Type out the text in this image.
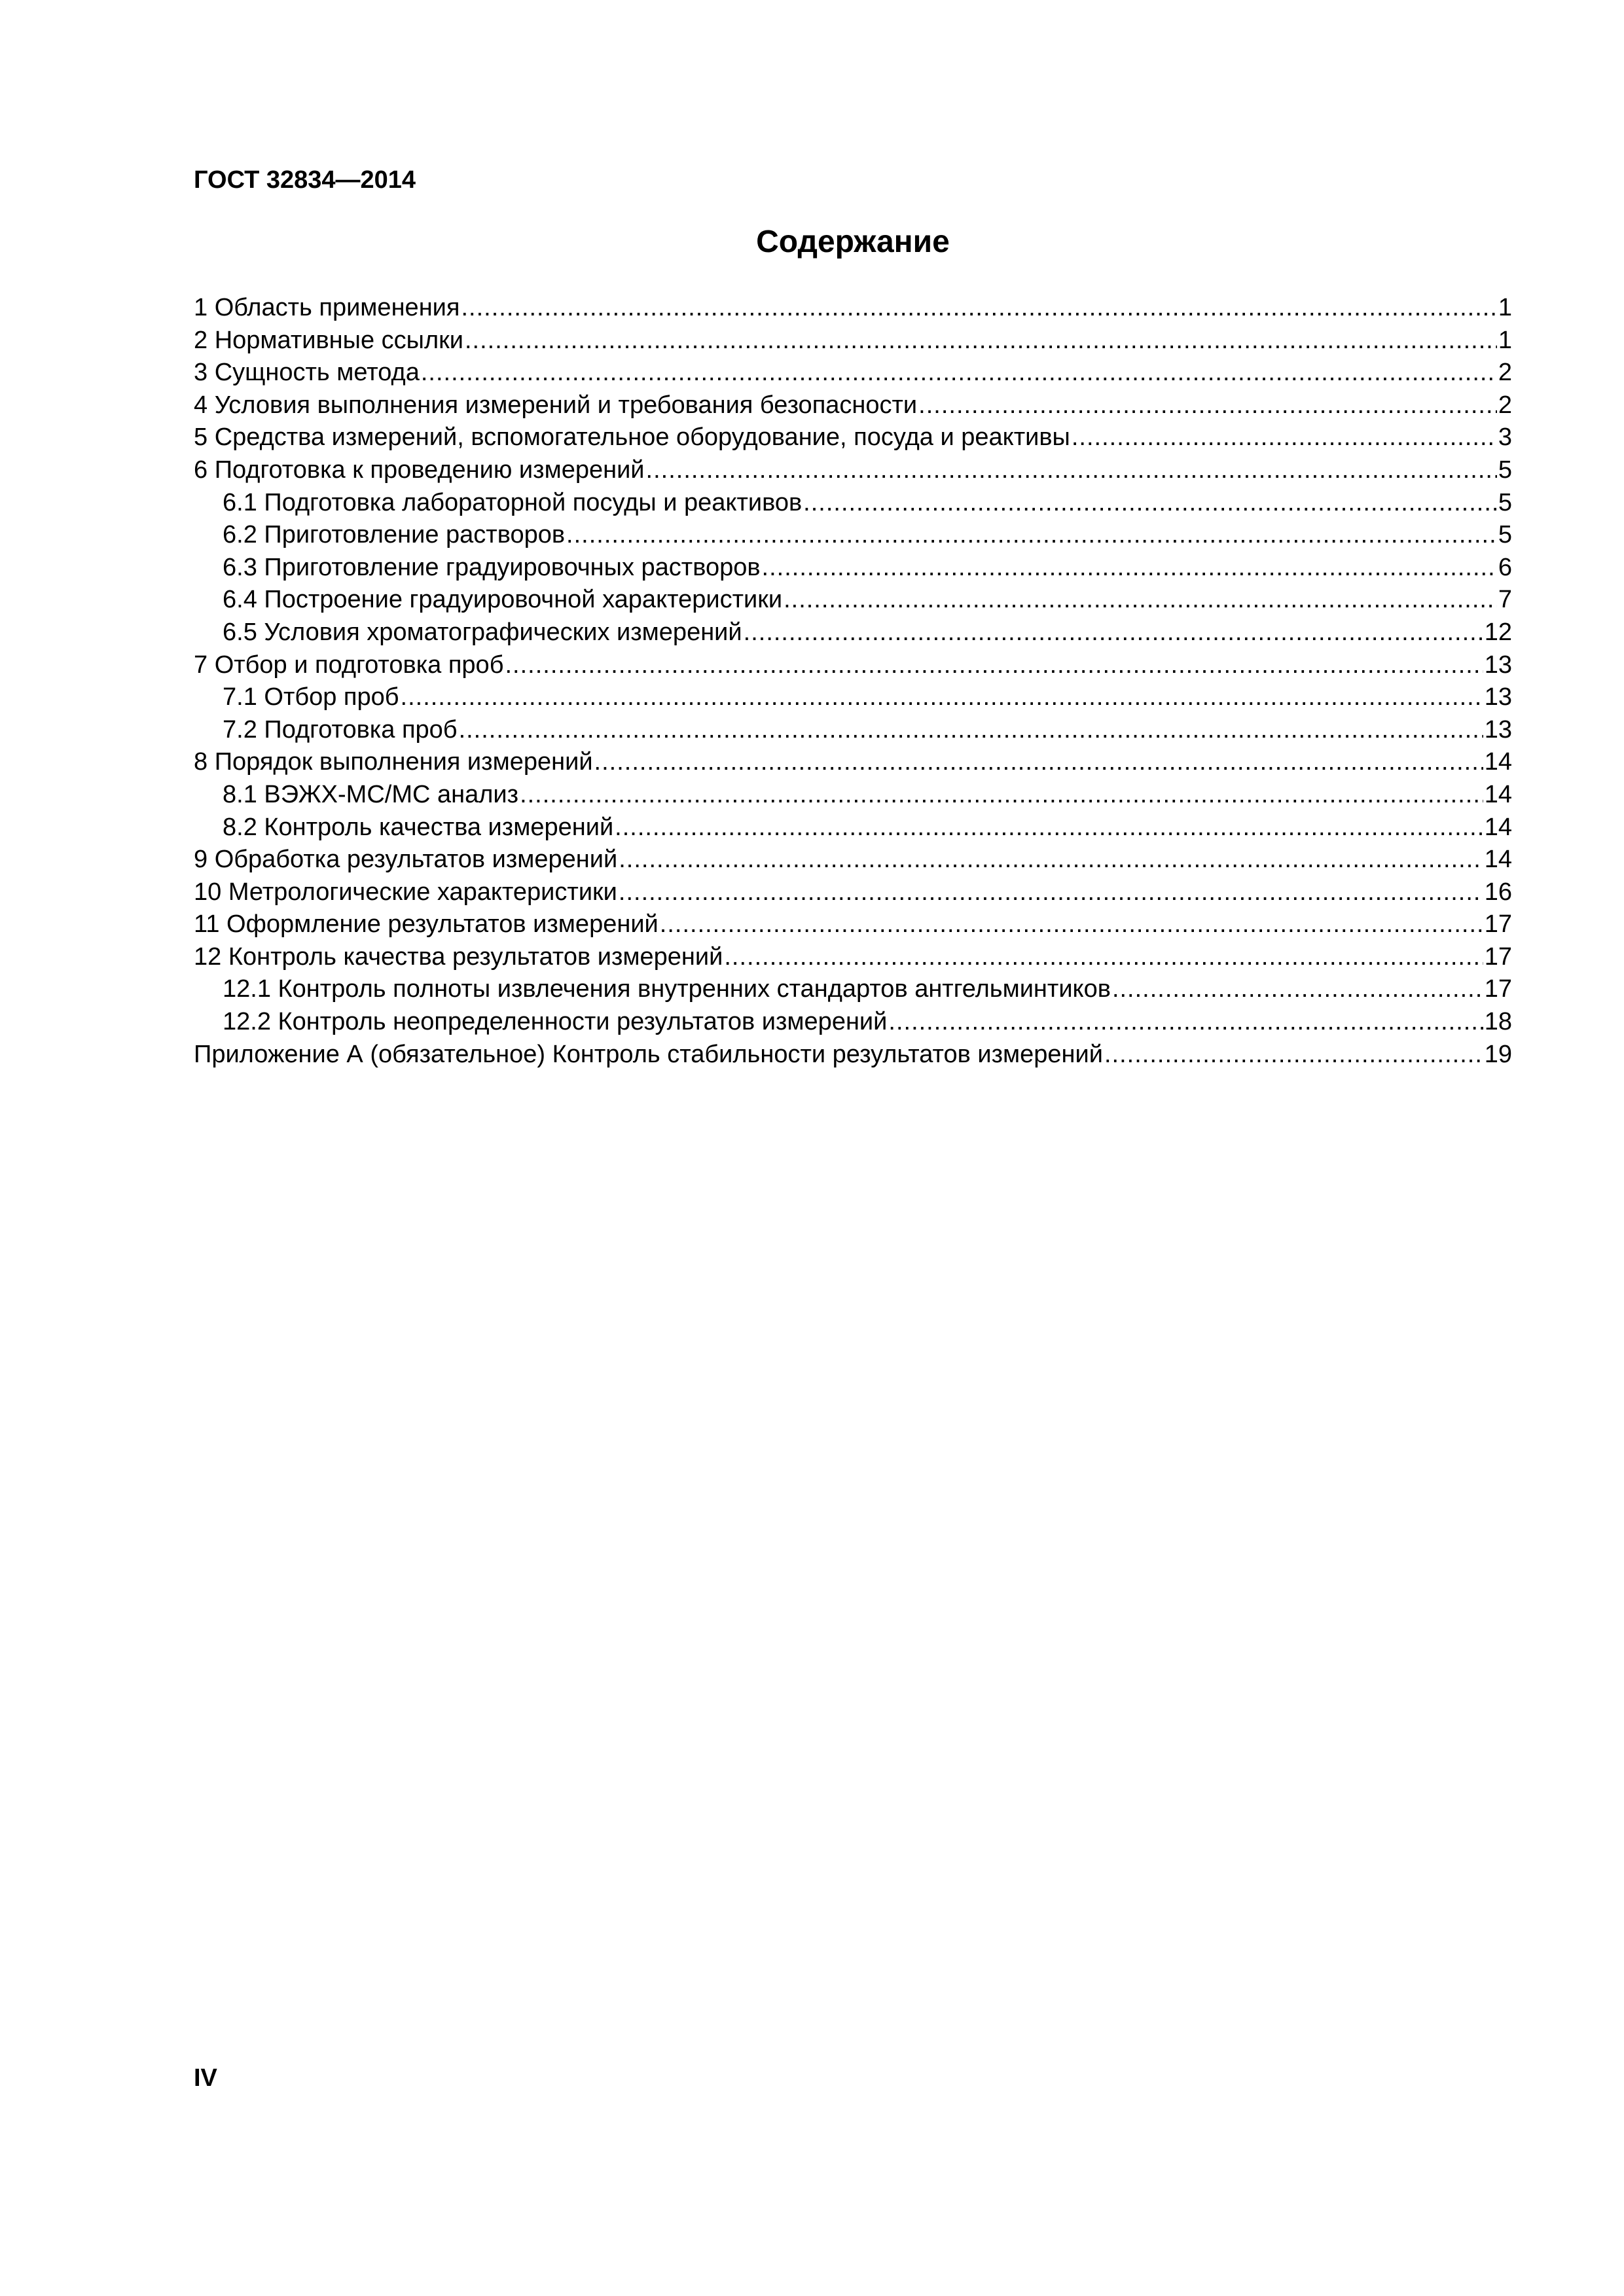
ГОСТ 32834—2014

Содержание
1 Область применения .....	1
2 Нормативные ссылки .....	1
3 Сущность метода .....	2
4 Условия выполнения измерений и требования безопасности .....	2
5 Средства измерений, вспомогательное оборудование, посуда и реактивы .....	3
6 Подготовка к проведению измерений .....	5
6.1 Подготовка лабораторной посуды и реактивов .....	5
6.2 Приготовление растворов .....	5
6.3 Приготовление градуировочных растворов .....	6
6.4 Построение градуировочной характеристики .....	7
6.5 Условия хроматографических измерений .....	12
7 Отбор и подготовка проб .....	13
7.1 Отбор проб .....	13
7.2 Подготовка проб .....	13
8 Порядок выполнения измерений .....	14
8.1 ВЭЖХ-МС/МС анализ .....	14
8.2 Контроль качества измерений .....	14
9 Обработка результатов измерений .....	14
10 Метрологические характеристики .....	16
11 Оформление результатов измерений .....	17
12 Контроль качества результатов измерений .....	17
12.1 Контроль полноты извлечения внутренних стандартов антгельминтиков .....	17
12.2 Контроль неопределенности результатов измерений .....	18
Приложение А (обязательное) Контроль стабильности результатов измерений .....	19

IV
